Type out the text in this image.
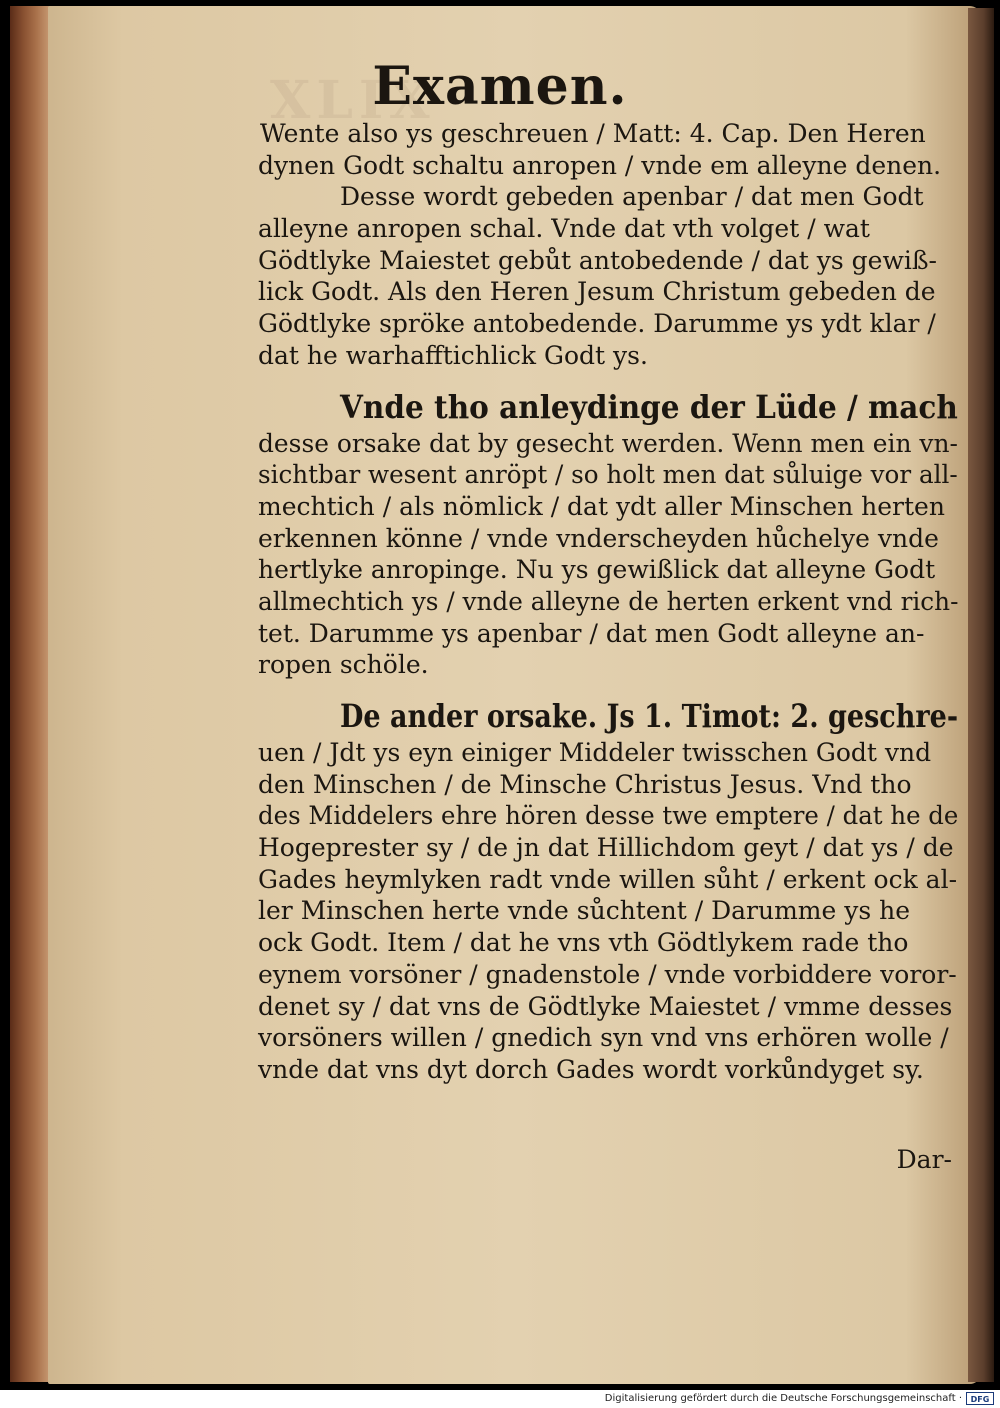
XLIX
Examen.
Wente also ys geschreuen / Matt: 4. Cap. Den Heren
dynen Godt schaltu anropen / vnde em alleyne denen.
Desse wordt gebeden apenbar / dat men Godt
alleyne anropen schal. Vnde dat vth volget / wat
Gödtlyke Maiestet gebůt antobedende / dat ys gewiß-
lick Godt. Als den Heren Jesum Christum gebeden de
Gödtlyke spröke antobedende. Darumme ys ydt klar /
dat he warhafftichlick Godt ys.
Vnde tho anleydinge der Lüde / mach
desse orsake dat by gesecht werden. Wenn men ein vn-
sichtbar wesent anröpt / so holt men dat sůluige vor all-
mechtich / als nömlick / dat ydt aller Minschen herten
erkennen könne / vnde vnderscheyden hůchelye vnde
hertlyke anropinge. Nu ys gewißlick dat alleyne Godt
allmechtich ys / vnde alleyne de herten erkent vnd rich-
tet. Darumme ys apenbar / dat men Godt alleyne an-
ropen schöle.
De ander orsake. Js 1. Timot: 2. geschre-
uen / Jdt ys eyn einiger Middeler twisschen Godt vnd
den Minschen / de Minsche Christus Jesus. Vnd tho
des Middelers ehre hören desse twe emptere / dat he de
Hogeprester sy / de jn dat Hillichdom geyt / dat ys / de
Gades heymlyken radt vnde willen sůht / erkent ock al-
ler Minschen herte vnde sůchtent / Darumme ys he
ock Godt. Item / dat he vns vth Gödtlykem rade tho
eynem vorsöner / gnadenstole / vnde vorbiddere voror-
denet sy / dat vns de Gödtlyke Maiestet / vmme desses
vorsöners willen / gnedich syn vnd vns erhören wolle /
vnde dat vns dyt dorch Gades wordt vorkůndyget sy.
Dar-
Digitalisierung gefördert durch die Deutsche Forschungsgemeinschaft ·	DFG
